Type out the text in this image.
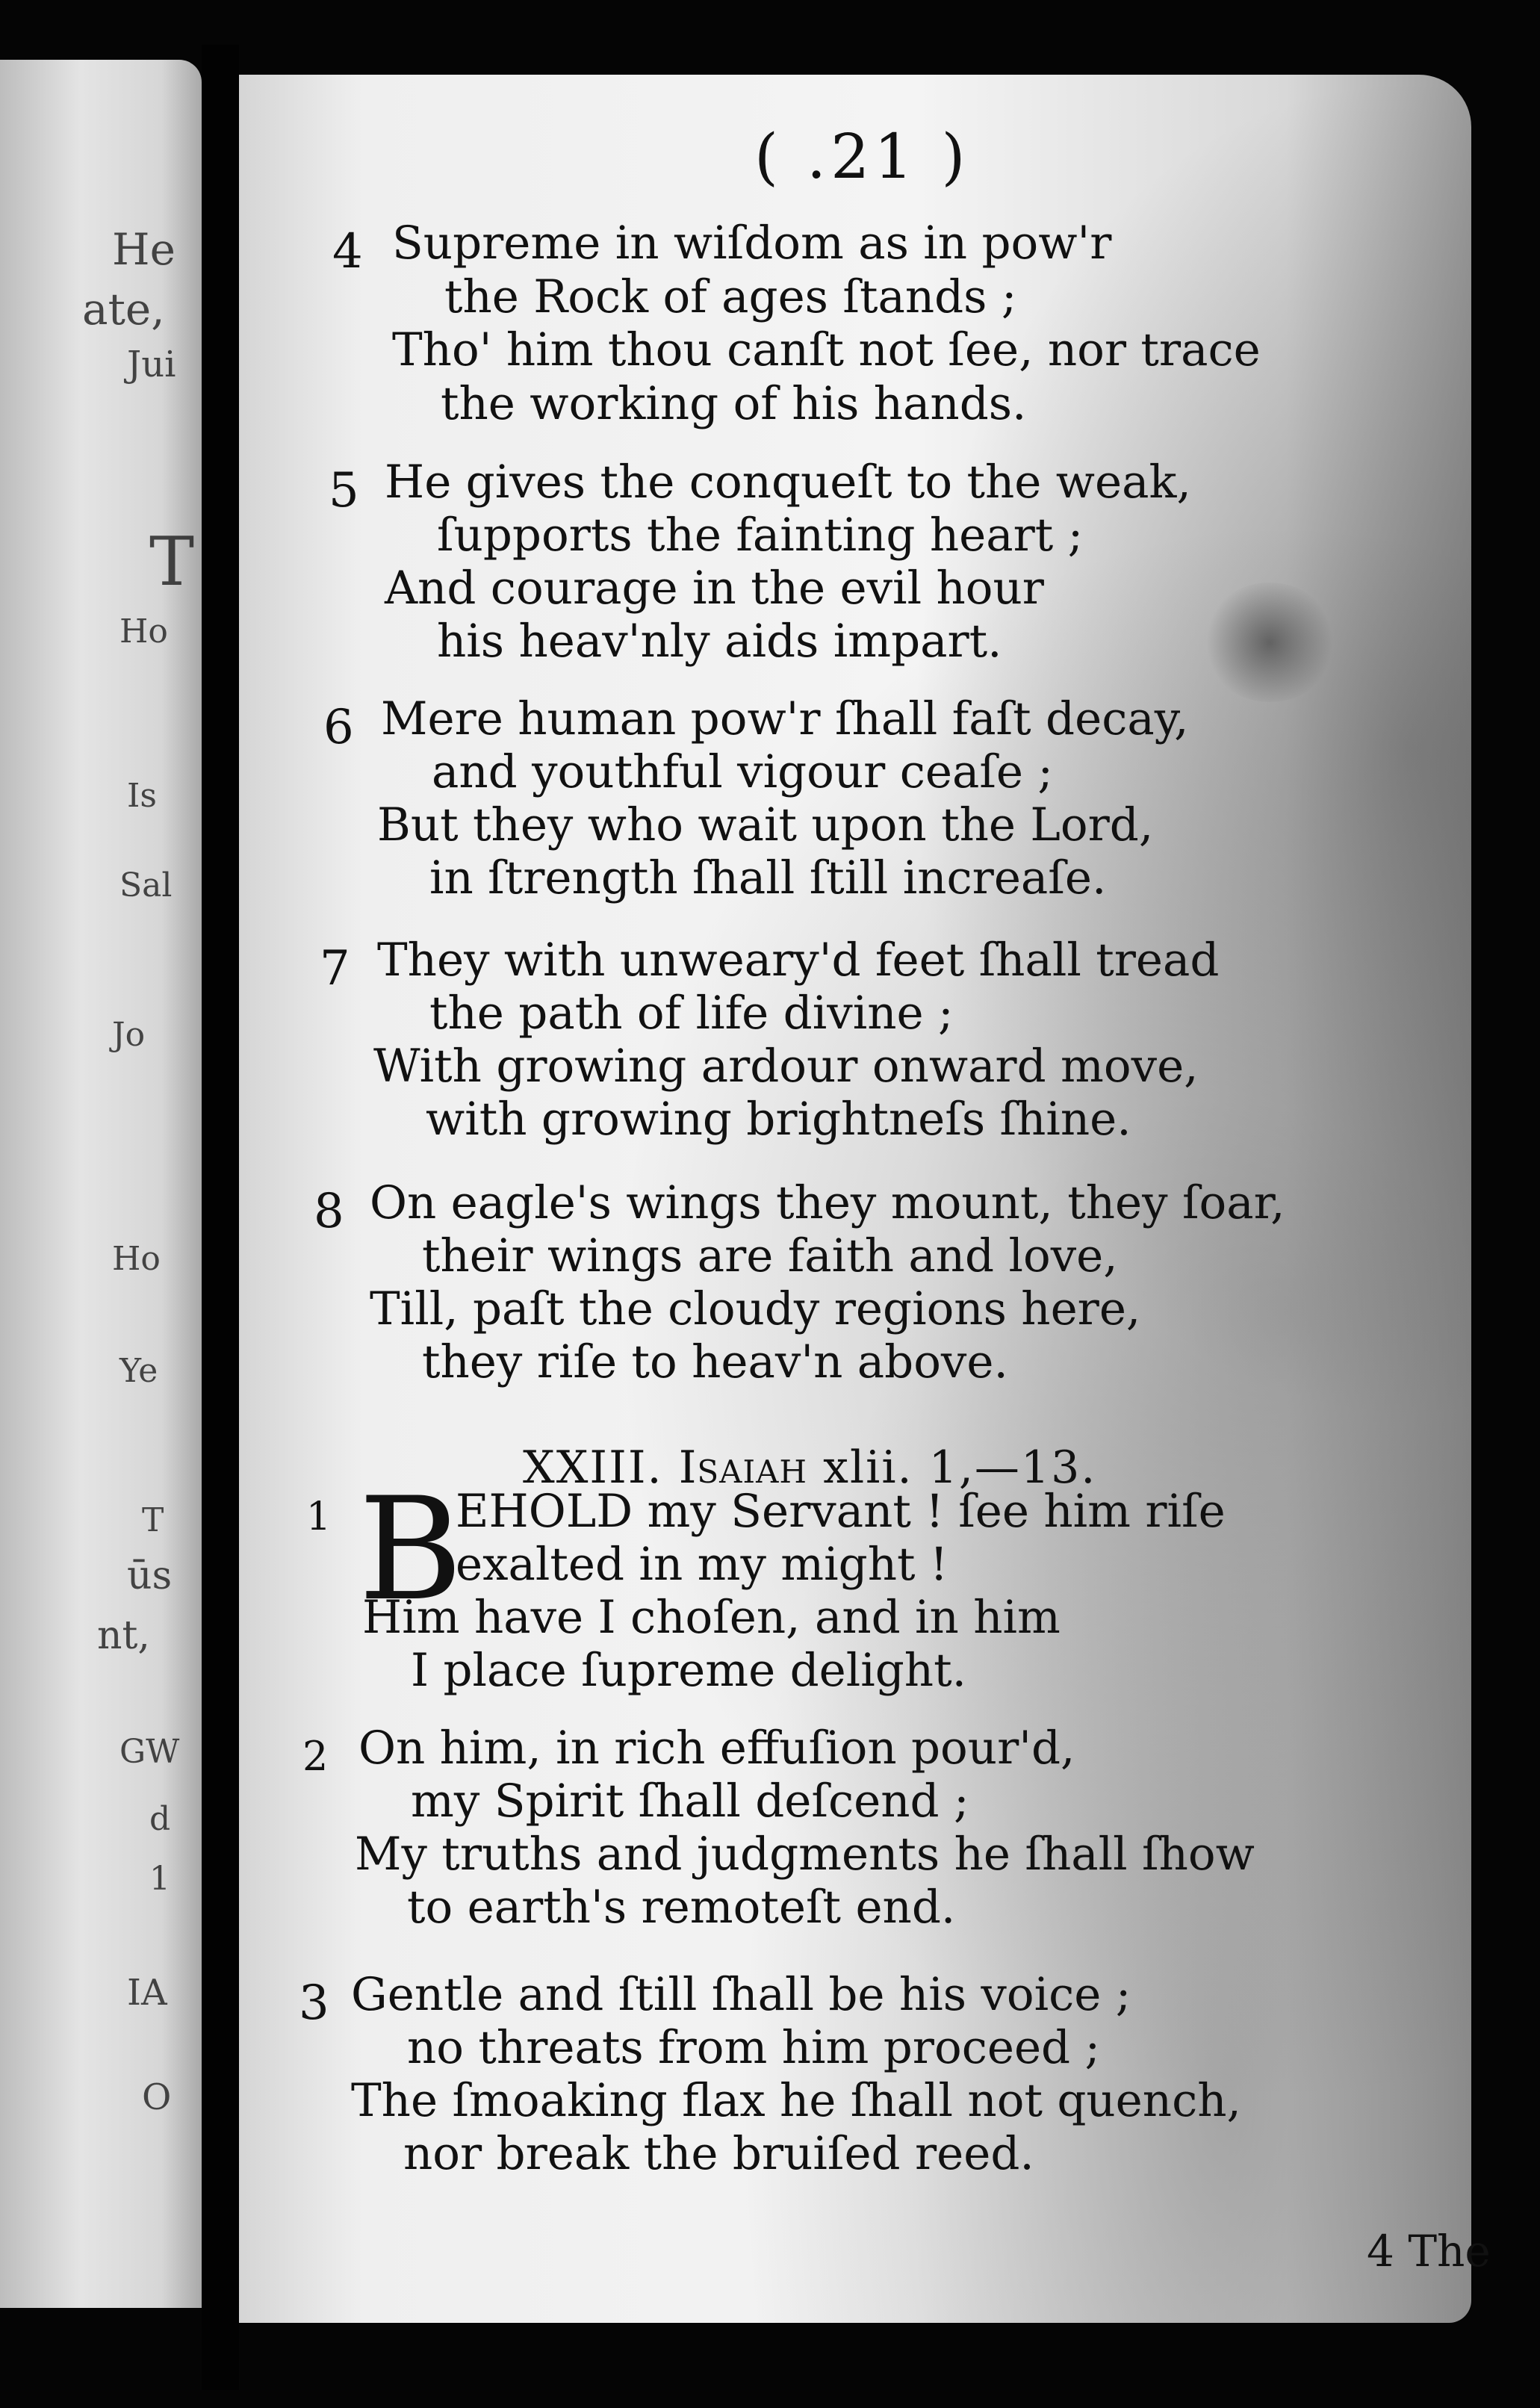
He
ate,
Jui
T
Ho
Is
Sal
Jo
Ho
Ye
T
ūs
nt,
GW
d
1
IA
O
( .21 )
4 Supreme in wiſdom as in pow'r
the Rock of ages ſtands ;
Tho' him thou canſt not ſee, nor trace
the working of his hands.
5 He gives the conqueſt to the weak,
ſupports the fainting heart ;
And courage in the evil hour
his heav'nly aids impart.
6 Mere human pow'r ſhall faſt decay,
and youthful vigour ceaſe ;
But they who wait upon the Lord,
in ſtrength ſhall ſtill increaſe.
7 They with unweary'd feet ſhall tread
the path of life divine ;
With growing ardour onward move,
with growing brightneſs ſhine.
8 On eagle's wings they mount, they ſoar,
their wings are faith and love,
Till, paſt the cloudy regions here,
they riſe to heav'n above.
XXIII. Isaiah xlii. 1,—13.
1 B
EHOLD my Servant ! ſee him riſe
exalted in my might !
Him have I choſen, and in him
I place ſupreme delight.
2 On him, in rich effuſion pour'd,
my Spirit ſhall deſcend ;
My truths and judgments he ſhall ſhow
to earth's remoteſt end.
3 Gentle and ſtill ſhall be his voice ;
no threats from him proceed ;
The ſmoaking flax he ſhall not quench,
nor break the bruiſed reed.
4 The
